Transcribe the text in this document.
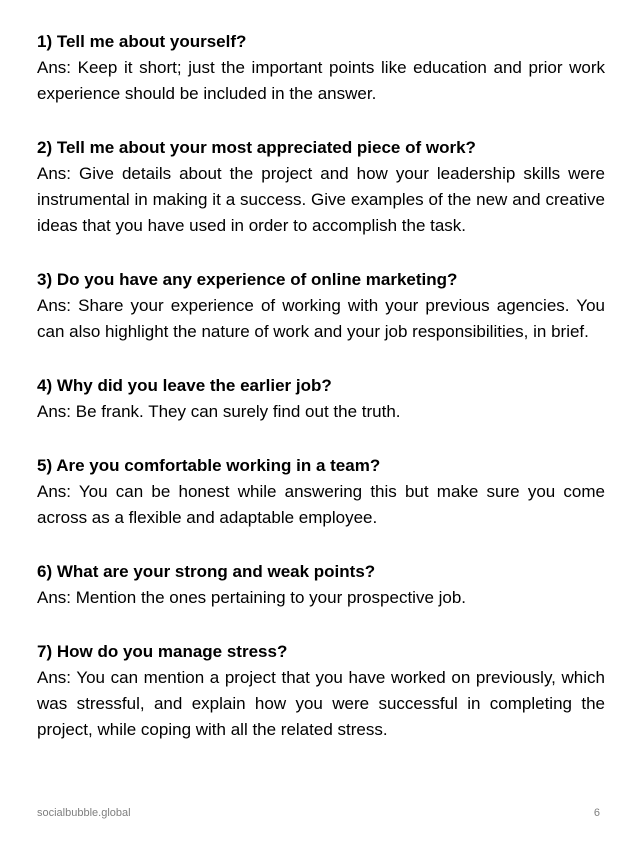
1) Tell me about yourself?

Ans: Keep it short; just the important points like education and prior work experience should be included in the answer.

2) Tell me about your most appreciated piece of work?

Ans: Give details about the project and how your leadership skills were instrumental in making it a success. Give examples of the new and creative ideas that you have used in order to accomplish the task.

3) Do you have any experience of online marketing?

Ans: Share your experience of working with your previous agencies. You can also highlight the nature of work and your job responsibilities, in brief.

4) Why did you leave the earlier job?

Ans: Be frank. They can surely find out the truth.

5) Are you comfortable working in a team?

Ans: You can be honest while answering this but make sure you come across as a flexible and adaptable employee.

6) What are your strong and weak points?

Ans: Mention the ones pertaining to your prospective job.

7) How do you manage stress?

Ans: You can mention a project that you have worked on previously, which was stressful, and explain how you were successful in completing the project, while coping with all the related stress.

socialbubble.global	6
